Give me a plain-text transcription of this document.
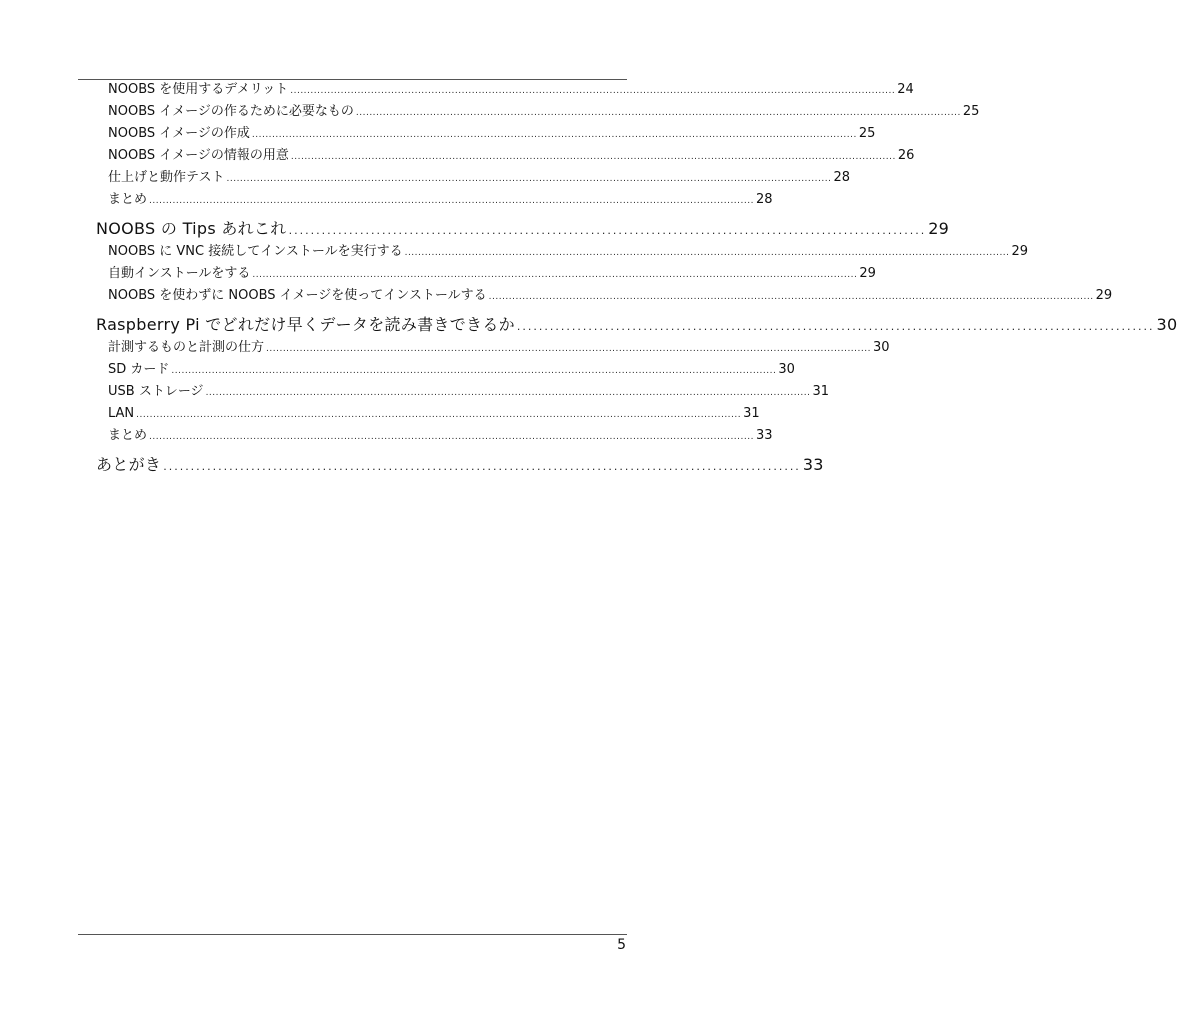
NOOBS を使用するデメリット .................................................................................................................................................................................... 24
NOOBS イメージの作るために必要なもの .................................................................................................................................................................................... 25
NOOBS イメージの作成 .................................................................................................................................................................................... 25
NOOBS イメージの情報の用意 .................................................................................................................................................................................... 26
仕上げと動作テスト .................................................................................................................................................................................... 28
まとめ .................................................................................................................................................................................... 28
NOOBS の Tips あれこれ .................................................................................................................... 29
NOOBS に VNC 接続してインストールを実行する .................................................................................................................................................................................... 29
自動インストールをする .................................................................................................................................................................................... 29
NOOBS を使わずに NOOBS イメージを使ってインストールする .................................................................................................................................................................................... 29
Raspberry Pi でどれだけ早くデータを読み書きできるか .................................................................................................................... 30
計測するものと計測の仕方 .................................................................................................................................................................................... 30
SD カード .................................................................................................................................................................................... 30
USB ストレージ .................................................................................................................................................................................... 31
LAN .................................................................................................................................................................................... 31
まとめ .................................................................................................................................................................................... 33
あとがき .................................................................................................................... 33
5
